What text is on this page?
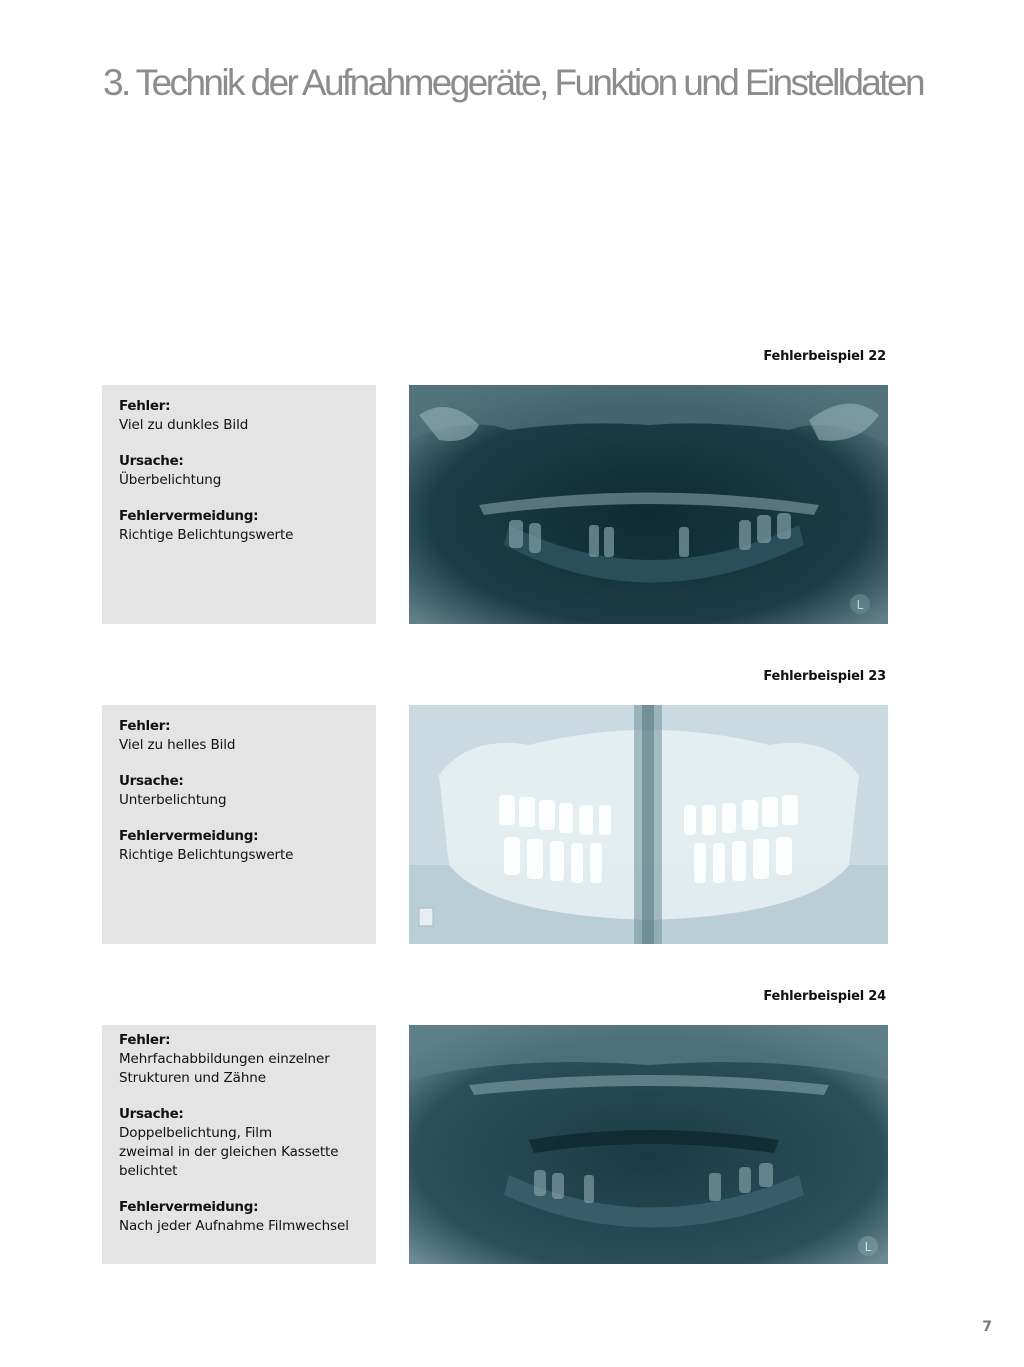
3. Technik der Aufnahmegeräte, Funktion und Einstelldaten
Fehlerbeispiel 22
Fehler:
Viel zu dunkles Bild
Ursache:
Überbelichtung
Fehlervermeidung:
Richtige Belichtungswerte
L
Fehlerbeispiel 23
Fehler:
Viel zu helles Bild
Ursache:
Unterbelichtung
Fehlervermeidung:
Richtige Belichtungswerte
Fehlerbeispiel 24
Fehler:
Mehrfachabbildungen einzelner
Strukturen und Zähne
Ursache:
Doppelbelichtung, Film
zweimal in der gleichen Kassette
belichtet
Fehlervermeidung:
Nach jeder Aufnahme Filmwechsel
L
7
